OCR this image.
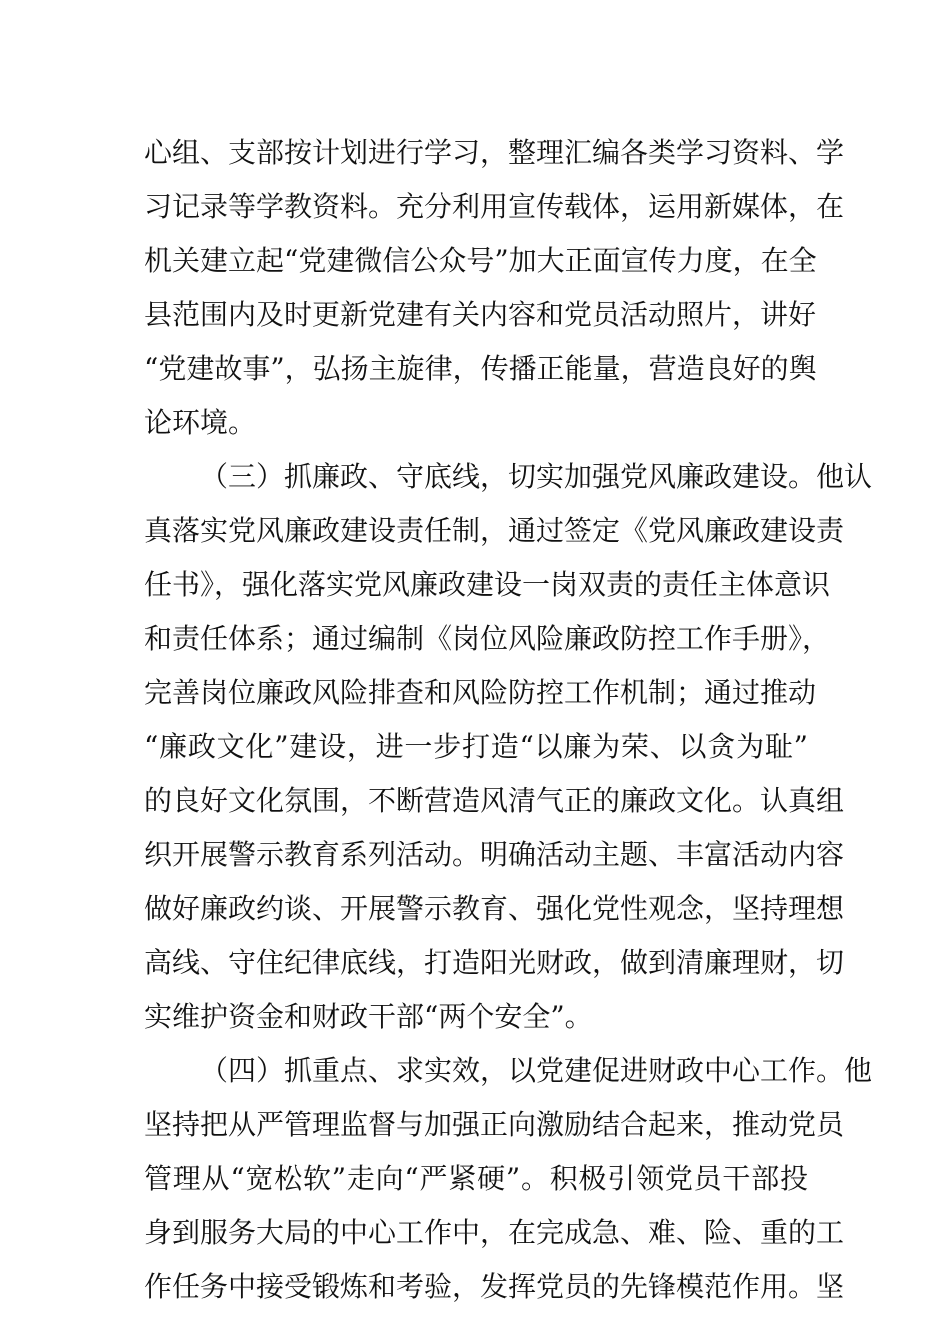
心组、支部按计划进行学习，整理汇编各类学习资料、学
习记录等学教资料。充分利用宣传载体，运用新媒体，在
机关建立起“党建微信公众号”加大正面宣传力度，在全
县范围内及时更新党建有关内容和党员活动照片，讲好
“党建故事”，弘扬主旋律，传播正能量，营造良好的舆
论环境。
（三）抓廉政、守底线，切实加强党风廉政建设。他认
真落实党风廉政建设责任制，通过签定《党风廉政建设责
任书》，强化落实党风廉政建设一岗双责的责任主体意识
和责任体系；通过编制《岗位风险廉政防控工作手册》，
完善岗位廉政风险排查和风险防控工作机制；通过推动
“廉政文化”建设，进一步打造“以廉为荣、以贪为耻”
的良好文化氛围，不断营造风清气正的廉政文化。认真组
织开展警示教育系列活动。明确活动主题、丰富活动内容
做好廉政约谈、开展警示教育、强化党性观念，坚持理想
高线、守住纪律底线，打造阳光财政，做到清廉理财，切
实维护资金和财政干部“两个安全”。
（四）抓重点、求实效，以党建促进财政中心工作。他
坚持把从严管理监督与加强正向激励结合起来，推动党员
管理从“宽松软”走向“严紧硬”。积极引领党员干部投
身到服务大局的中心工作中，在完成急、难、险、重的工
作任务中接受锻炼和考验，发挥党员的先锋模范作用。坚
